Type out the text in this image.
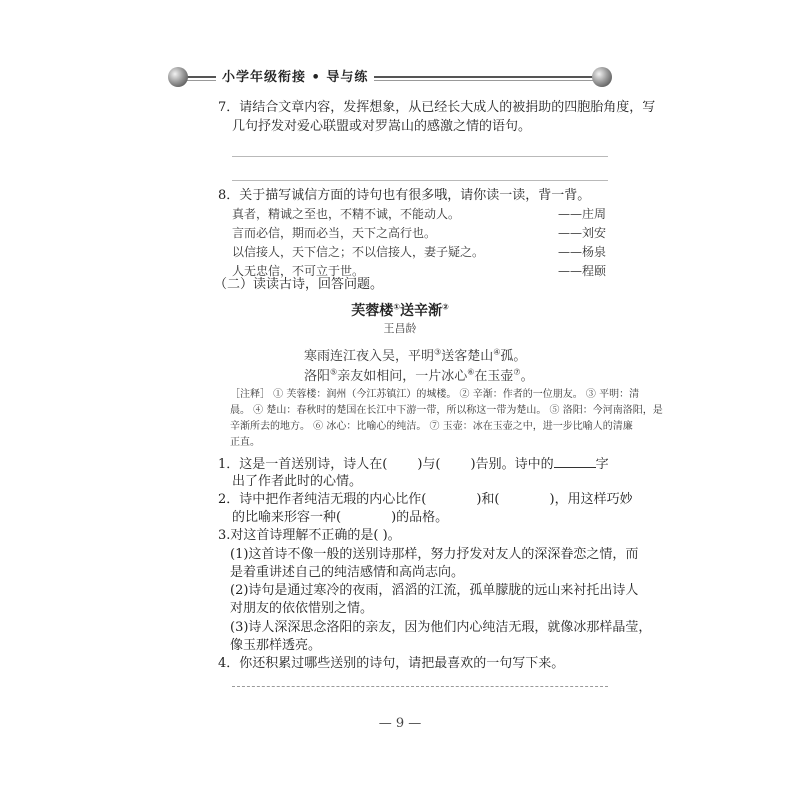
小学年级衔接 • 导与练
7．请结合文章内容，发挥想象，从已经长大成人的被捐助的四胞胎角度，写
几句抒发对爱心联盟或对罗嵩山的感激之情的语句。
8．关于描写诚信方面的诗句也有很多哦，请你读一读，背一背。
真者，精诚之至也，不精不诚，不能动人。	——庄周
言而必信，期而必当，天下之高行也。	——刘安
以信接人，天下信之；不以信接人，妻子疑之。	——杨泉
人无忠信，不可立于世。	——程颐
（二）读读古诗，回答问题。
芙蓉楼①送辛渐②
王昌龄
寒雨连江夜入吴，平明③送客楚山④孤。
洛阳⑤亲友如相问，一片冰心⑥在玉壶⑦。
［注释］ ① 芙蓉楼：润州（今江苏镇江）的城楼。 ② 辛渐：作者的一位朋友。 ③ 平明：清
晨。 ④ 楚山：春秋时的楚国在长江中下游一带，所以称这一带为楚山。 ⑤ 洛阳：今河南洛阳，是
辛渐所去的地方。 ⑥ 冰心：比喻心的纯洁。 ⑦ 玉壶：冰在玉壶之中，进一步比喻人的清廉
正直。
1．这是一首送别诗，诗人在( )与( )告别。诗中的	字
出了作者此时的心情。
2．诗中把作者纯洁无瑕的内心比作(	)和(	)，用这样巧妙
的比喻来形容一种(	)的品格。
3.对这首诗理解不正确的是( )。
(1)这首诗不像一般的送别诗那样，努力抒发对友人的深深眷恋之情，而
是着重讲述自己的纯洁感情和高尚志向。
(2)诗句是通过寒冷的夜雨，滔滔的江流，孤单朦胧的远山来衬托出诗人
对朋友的依依惜别之情。
(3)诗人深深思念洛阳的亲友，因为他们内心纯洁无瑕，就像冰那样晶莹，
像玉那样透亮。
4．你还积累过哪些送别的诗句，请把最喜欢的一句写下来。
— 9 —
